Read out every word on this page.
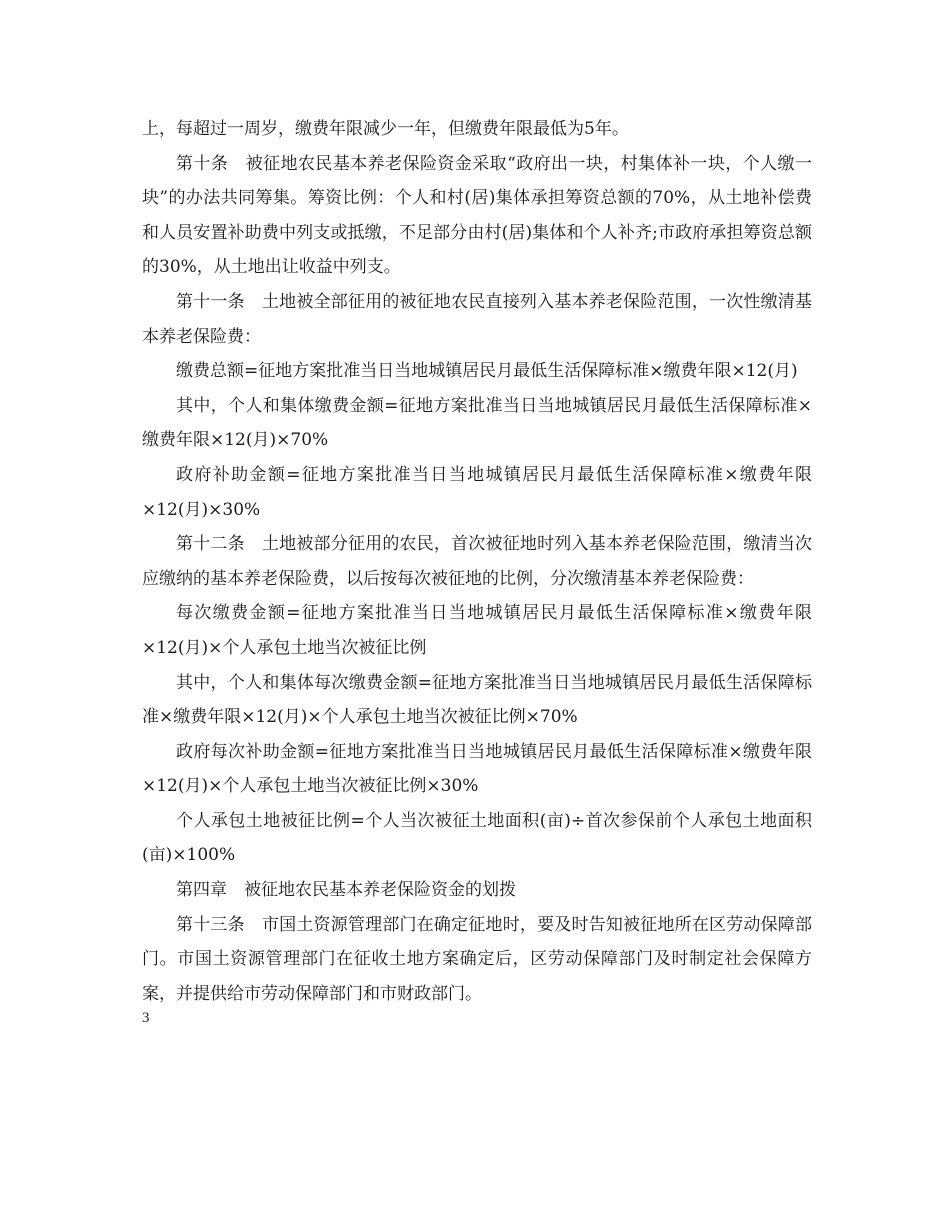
上，每超过一周岁，缴费年限减少一年，但缴费年限最低为5年。

第十条　被征地农民基本养老保险资金采取“政府出一块，村集体补一块，个人缴一块”的办法共同筹集。筹资比例：个人和村(居)集体承担筹资总额的70%，从土地补偿费和人员安置补助费中列支或抵缴，不足部分由村(居)集体和个人补齐;市政府承担筹资总额的30%，从土地出让收益中列支。

第十一条　土地被全部征用的被征地农民直接列入基本养老保险范围，一次性缴清基本养老保险费：

缴费总额=征地方案批准当日当地城镇居民月最低生活保障标准×缴费年限×12(月)

其中，个人和集体缴费金额=征地方案批准当日当地城镇居民月最低生活保障标准×缴费年限×12(月)×70%

政府补助金额=征地方案批准当日当地城镇居民月最低生活保障标准×缴费年限×12(月)×30%

第十二条　土地被部分征用的农民，首次被征地时列入基本养老保险范围，缴清当次应缴纳的基本养老保险费，以后按每次被征地的比例，分次缴清基本养老保险费：

每次缴费金额=征地方案批准当日当地城镇居民月最低生活保障标准×缴费年限×12(月)×个人承包土地当次被征比例

其中，个人和集体每次缴费金额=征地方案批准当日当地城镇居民月最低生活保障标准×缴费年限×12(月)×个人承包土地当次被征比例×70%

政府每次补助金额=征地方案批准当日当地城镇居民月最低生活保障标准×缴费年限×12(月)×个人承包土地当次被征比例×30%

个人承包土地被征比例=个人当次被征土地面积(亩)÷首次参保前个人承包土地面积(亩)×100%

第四章　被征地农民基本养老保险资金的划拨

第十三条　市国土资源管理部门在确定征地时，要及时告知被征地所在区劳动保障部门。市国土资源管理部门在征收土地方案确定后，区劳动保障部门及时制定社会保障方案，并提供给市劳动保障部门和市财政部门。

3
